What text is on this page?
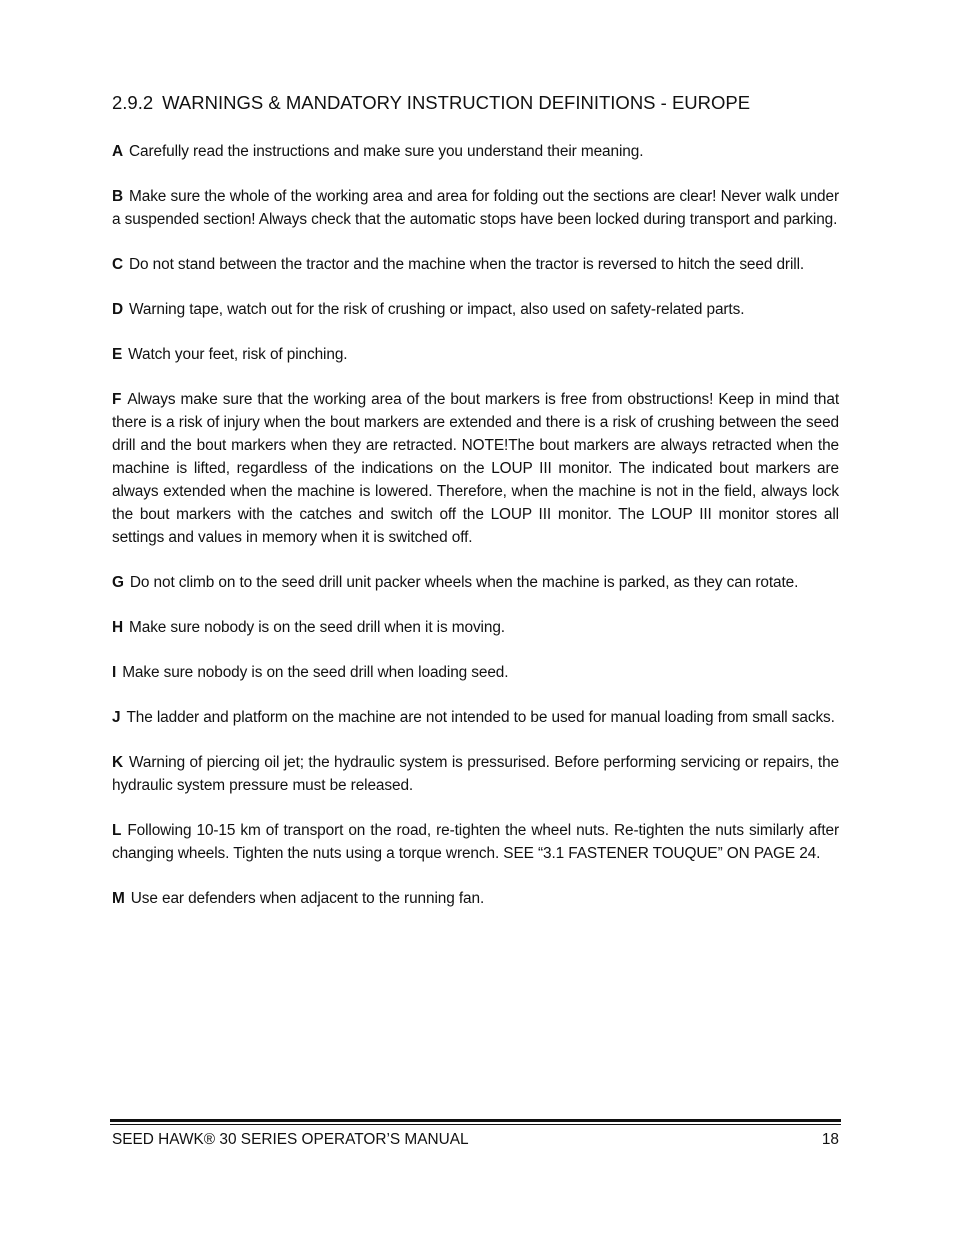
2.9.2 WARNINGS & MANDATORY INSTRUCTION DEFINITIONS - EUROPE

A Carefully read the instructions and make sure you understand their meaning.

B Make sure the whole of the working area and area for folding out the sections are clear! Never walk under a suspended section! Always check that the automatic stops have been locked during transport and parking.

C Do not stand between the tractor and the machine when the tractor is reversed to hitch the seed drill.

D Warning tape, watch out for the risk of crushing or impact, also used on safety-related parts.

E Watch your feet, risk of pinching.

F Always make sure that the working area of the bout markers is free from obstructions! Keep in mind that there is a risk of injury when the bout markers are extended and there is a risk of crushing between the seed drill and the bout markers when they are retracted. NOTE!The bout markers are always retracted when the machine is lifted, regardless of the indications on the LOUP III monitor. The indicated bout markers are always extended when the machine is lowered. Therefore, when the machine is not in the field, always lock the bout markers with the catches and switch off the LOUP III monitor. The LOUP III monitor stores all settings and values in memory when it is switched off.

G Do not climb on to the seed drill unit packer wheels when the machine is parked, as they can rotate.

H Make sure nobody is on the seed drill when it is moving.

I Make sure nobody is on the seed drill when loading seed.

J The ladder and platform on the machine are not intended to be used for manual loading from small sacks.

K Warning of piercing oil jet; the hydraulic system is pressurised. Before performing servicing or repairs, the hydraulic system pressure must be released.

L Following 10-15 km of transport on the road, re-tighten the wheel nuts. Re-tighten the nuts similarly after changing wheels. Tighten the nuts using a torque wrench. SEE “3.1 FASTENER TOUQUE” ON PAGE 24.

M Use ear defenders when adjacent to the running fan.

SEED HAWK® 30 SERIES OPERATOR’S MANUAL	18
